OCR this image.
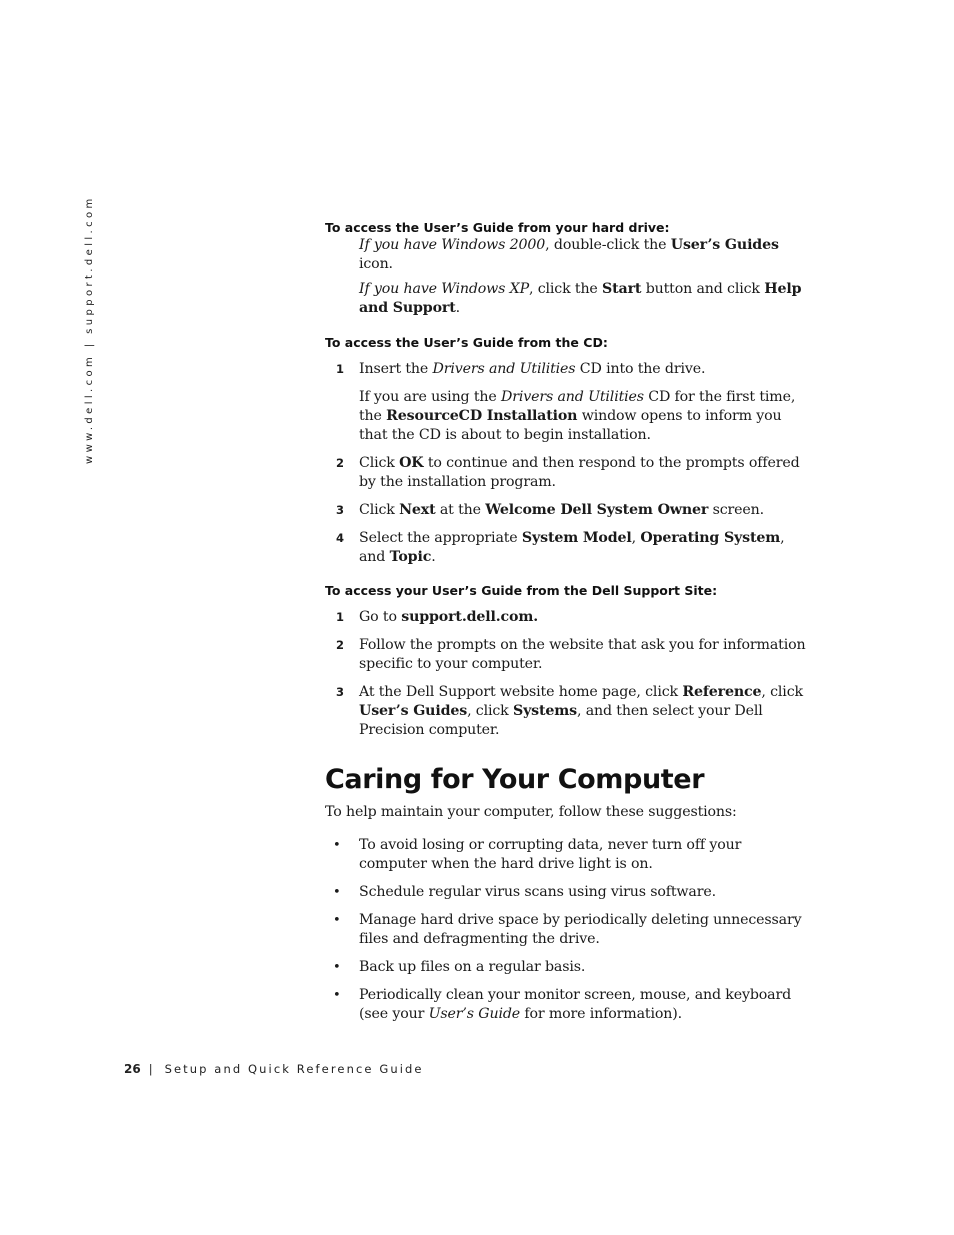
www.dell.com | support.dell.com	To access the User’s Guide from your hard drive:

If you have Windows 2000, double-click the User’s Guides icon.

If you have Windows XP, click the Start button and click Help and Support.

To access the User’s Guide from the CD:

1 Insert the Drivers and Utilities CD into the drive.

If you are using the Drivers and Utilities CD for the first time, the ResourceCD Installation window opens to inform you that the CD is about to begin installation.

2 Click OK to continue and then respond to the prompts offered by the installation program.
3 Click Next at the Welcome Dell System Owner screen.
4 Select the appropriate System Model, Operating System, and Topic.

To access your User’s Guide from the Dell Support Site:

1 Go to support.dell.com.
2 Follow the prompts on the website that ask you for information specific to your computer.
3 At the Dell Support website home page, click Reference, click User’s Guides, click Systems, and then select your Dell Precision computer.
Caring for Your Computer

To help maintain your computer, follow these suggestions:

• To avoid losing or corrupting data, never turn off your computer when the hard drive light is on.
• Schedule regular virus scans using virus software.
• Manage hard drive space by periodically deleting unnecessary files and defragmenting the drive.
• Back up files on a regular basis.
• Periodically clean your monitor screen, mouse, and keyboard (see your User’s Guide for more information).
26 | Setup and Quick Reference Guide
